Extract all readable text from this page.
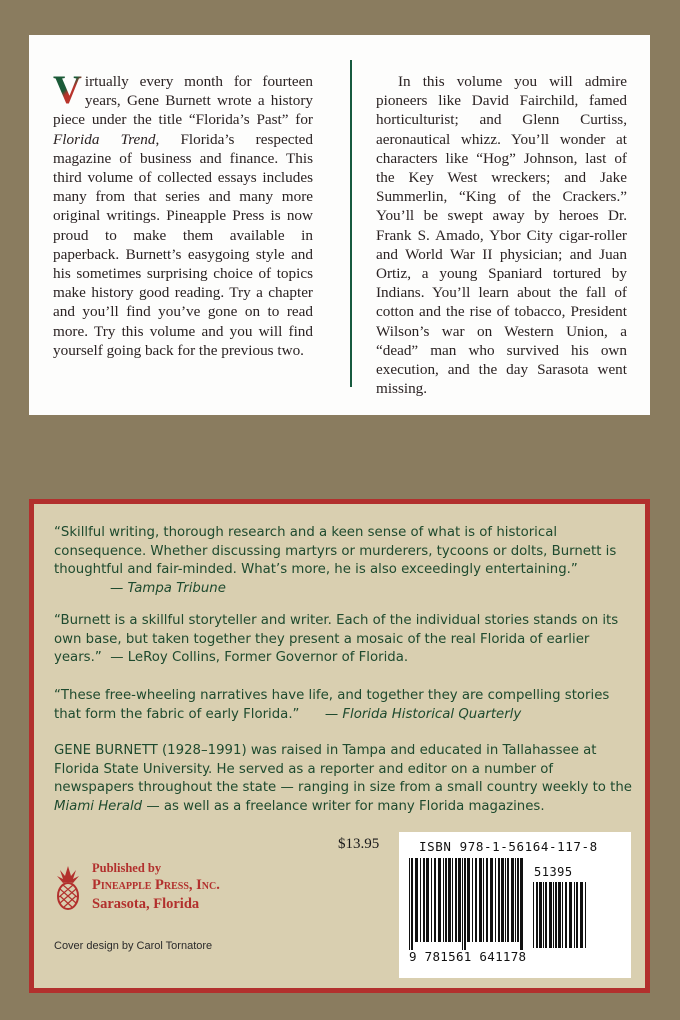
V irtually every month for fourteen years, Gene Burnett wrote a history piece under the title “Florida’s Past” for Florida Trend, Florida’s respected magazine of business and finance. This third volume of collected essays includes many from that series and many more original writings. Pineapple Press is now proud to make them available in paperback. Burnett’s easygoing style and his sometimes surprising choice of topics make history good reading. Try a chapter and you’ll find you’ve gone on to read more. Try this volume and you will find yourself going back for the previous two.
In this volume you will admire pioneers like David Fairchild, famed horticulturist; and Glenn Curtiss, aeronautical whizz. You’ll wonder at characters like “Hog” Johnson, last of the Key West wreckers; and Jake Summerlin, “King of the Crackers.” You’ll be swept away by heroes Dr. Frank S. Amado, Ybor City cigar-roller and World War II physician; and Juan Ortiz, a young Spaniard tortured by Indians. You’ll learn about the fall of cotton and the rise of tobacco, President Wilson’s war on Western Union, a “dead” man who survived his own execution, and the day Sarasota went missing.
“Skillful writing, thorough research and a keen sense of what is of historical consequence. Whether discussing martyrs or murderers, tycoons or dolts, Burnett is thoughtful and fair-minded. What’s more, he is also exceedingly entertaining.”
— Tampa Tribune
“Burnett is a skillful storyteller and writer. Each of the individual stories stands on its own base, but taken together they present a mosaic of the real Florida of earlier years.” — LeRoy Collins, Former Governor of Florida.
“These free-wheeling narratives have life, and together they are compelling stories that form the fabric of early Florida.” — Florida Historical Quarterly
GENE BURNETT (1928–1991) was raised in Tampa and educated in Tallahassee at Florida State University. He served as a reporter and editor on a number of newspapers throughout the state — ranging in size from a small country weekly to the Miami Herald — as well as a freelance writer for many Florida magazines.
$13.95	ISBN 978-1-56164-117-8
51395
9 781561 641178
Published by
Pineapple Press, Inc.
Sarasota, Florida
Cover design by Carol Tornatore
